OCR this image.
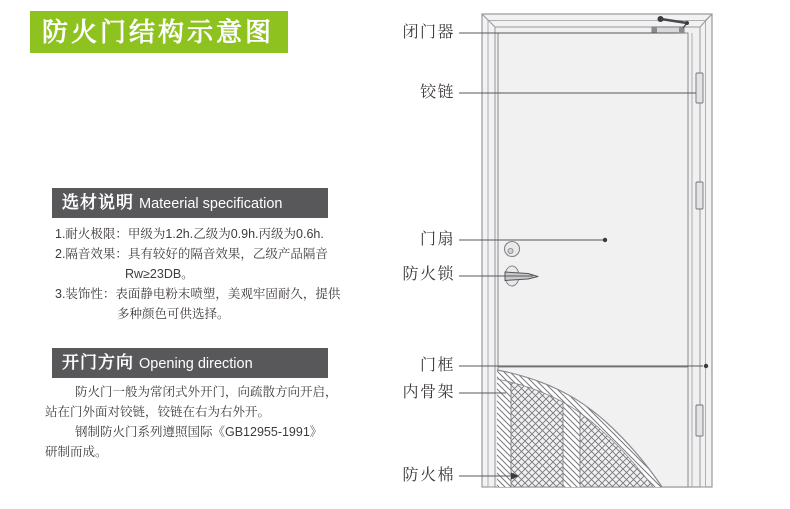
防火门结构示意图
选材说明 Mateerial specification
1.耐火极限：甲级为1.2h.乙级为0.9h.丙级为0.6h.
2.隔音效果：具有较好的隔音效果，乙级产品隔音
Rw≥23DB。
3.装饰性：表面静电粉末喷塑，美观牢固耐久，提供
多种颜色可供选择。
开门方向 Opening direction
防火门一般为常闭式外开门，向疏散方向开启，
站在门外面对铰链，铰链在右为右外开。
钢制防火门系列遵照国际《GB12955-1991》
研制而成。
闭门器
铰链
门扇
防火锁
门框
内骨架
防火棉
